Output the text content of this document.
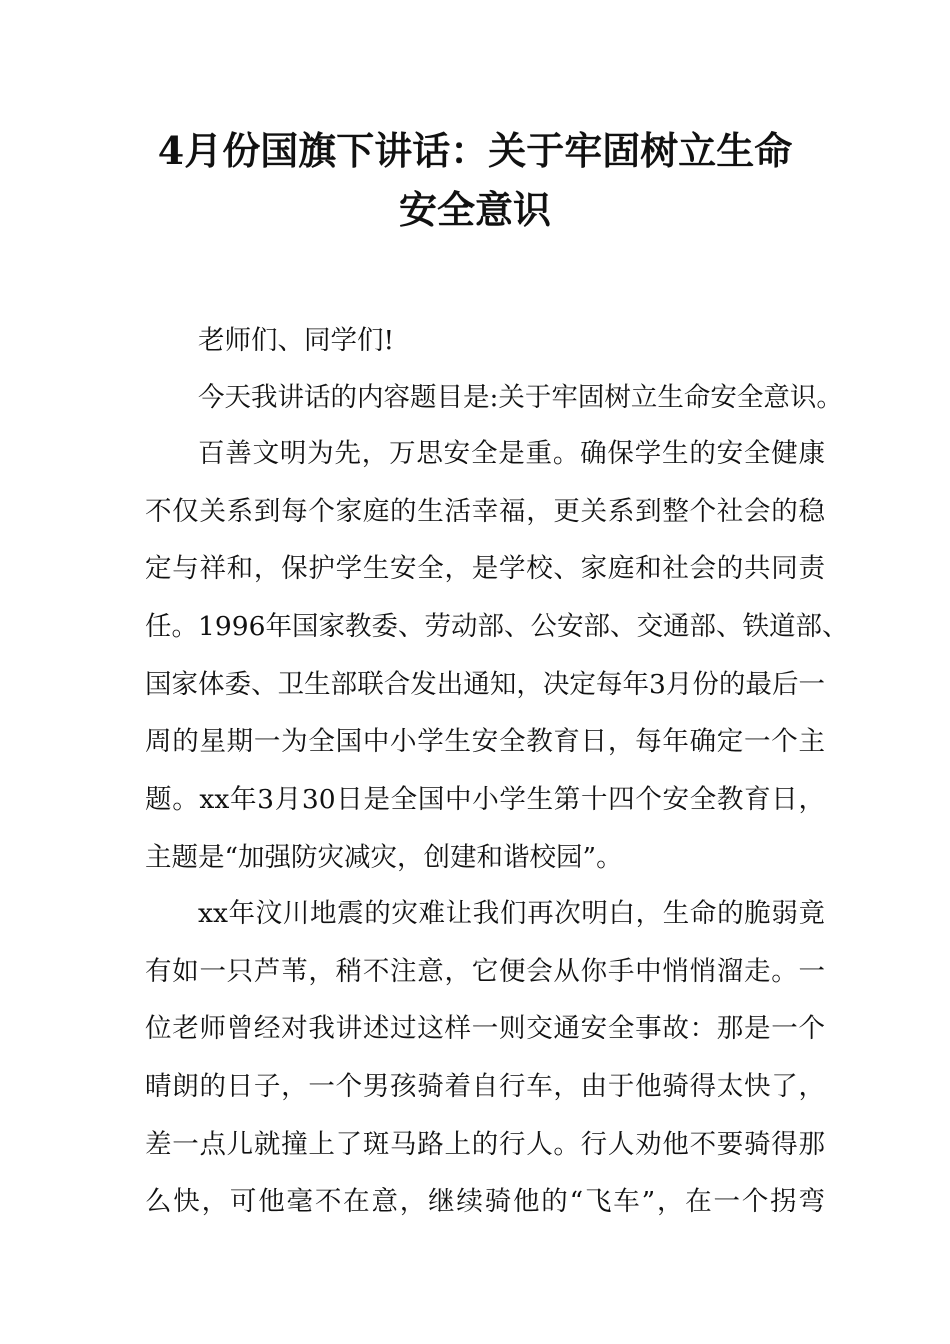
4月份国旗下讲话：关于牢固树立生命
安全意识
老师们、同学们!
今天我讲话的内容题目是:关于牢固树立生命安全意识。
百善文明为先，万思安全是重。确保学生的安全健康
不仅关系到每个家庭的生活幸福，更关系到整个社会的稳
定与祥和，保护学生安全，是学校、家庭和社会的共同责
任。1996年国家教委、劳动部、公安部、交通部、铁道部、
国家体委、卫生部联合发出通知，决定每年3月份的最后一
周的星期一为全国中小学生安全教育日，每年确定一个主
题。xx年3月30日是全国中小学生第十四个安全教育日，
主题是“加强防灾减灾，创建和谐校园”。
xx年汶川地震的灾难让我们再次明白，生命的脆弱竟
有如一只芦苇，稍不注意，它便会从你手中悄悄溜走。一
位老师曾经对我讲述过这样一则交通安全事故：那是一个
晴朗的日子，一个男孩骑着自行车，由于他骑得太快了，
差一点儿就撞上了斑马路上的行人。行人劝他不要骑得那
么快，可他毫不在意，继续骑他的“飞车”，在一个拐弯
